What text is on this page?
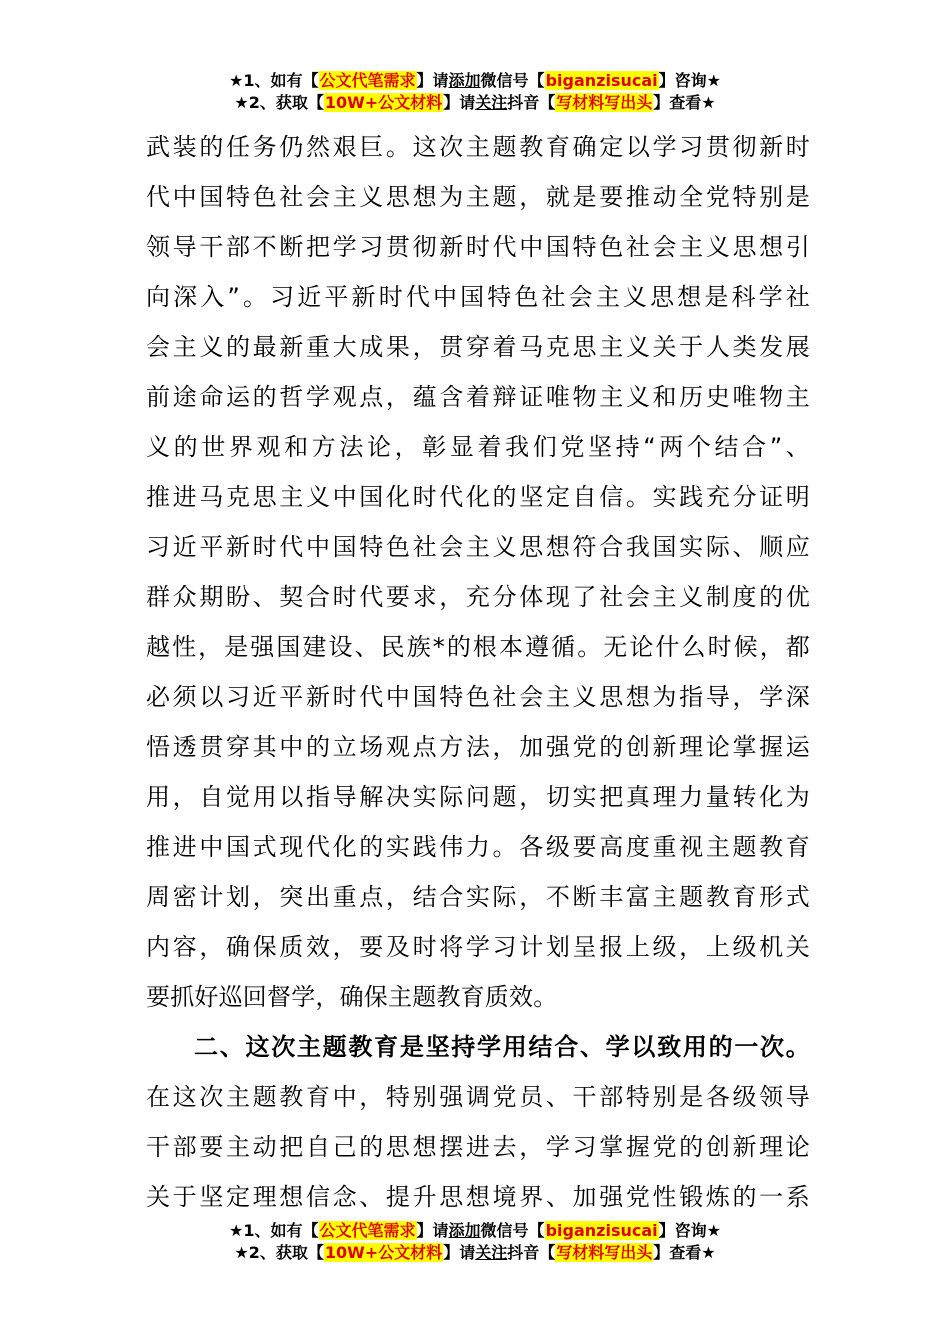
★1、如有【公文代笔需求】请添加微信号【biganzisucai】咨询★
★2、获取【10W+公文材料】请关注抖音【写材料写出头】查看★

武装的任务仍然艰巨。这次主题教育确定以学习贯彻新时

代中国特色社会主义思想为主题，就是要推动全党特别是

领导干部不断把学习贯彻新时代中国特色社会主义思想引

向深入”。习近平新时代中国特色社会主义思想是科学社

会主义的最新重大成果，贯穿着马克思主义关于人类发展

前途命运的哲学观点，蕴含着辩证唯物主义和历史唯物主

义的世界观和方法论，彰显着我们党坚持“两个结合”、

推进马克思主义中国化时代化的坚定自信。实践充分证明

习近平新时代中国特色社会主义思想符合我国实际、顺应

群众期盼、契合时代要求，充分体现了社会主义制度的优

越性，是强国建设、民族*的根本遵循。无论什么时候，都

必须以习近平新时代中国特色社会主义思想为指导，学深

悟透贯穿其中的立场观点方法，加强党的创新理论掌握运

用，自觉用以指导解决实际问题，切实把真理力量转化为

推进中国式现代化的实践伟力。各级要高度重视主题教育

周密计划，突出重点，结合实际，不断丰富主题教育形式

内容，确保质效，要及时将学习计划呈报上级，上级机关

要抓好巡回督学，确保主题教育质效。

二、这次主题教育是坚持学用结合、学以致用的一次。

在这次主题教育中，特别强调党员、干部特别是各级领导

干部要主动把自己的思想摆进去，学习掌握党的创新理论

关于坚定理想信念、提升思想境界、加强党性锻炼的一系

★1、如有【公文代笔需求】请添加微信号【biganzisucai】咨询★
★2、获取【10W+公文材料】请关注抖音【写材料写出头】查看★
